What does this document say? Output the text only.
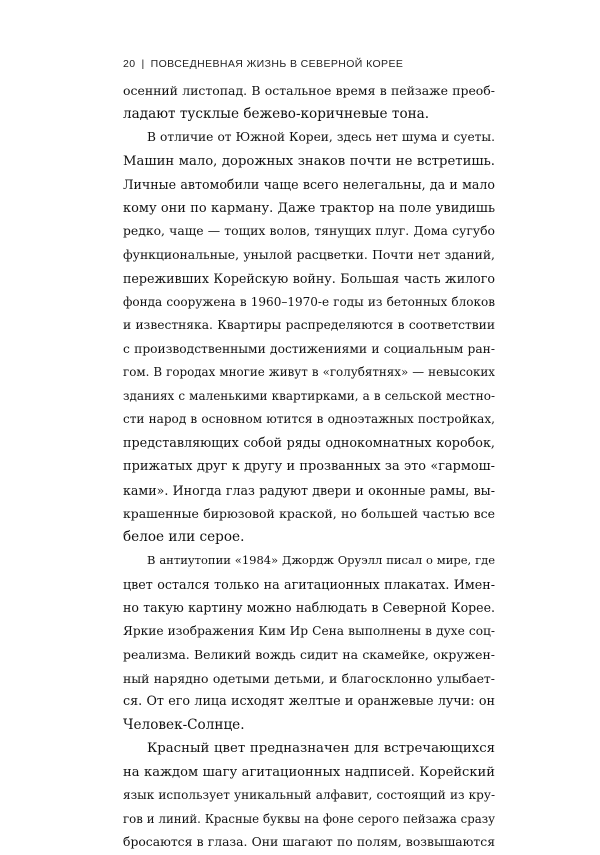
20 | ПОВСЕДНЕВНАЯ ЖИЗНЬ В СЕВЕРНОЙ КОРЕЕ
осенний листопад. В остальное время в пейзаже преоб-
ладают тусклые бежево-коричневые тона.
В отличие от Южной Кореи, здесь нет шума и суеты.
Машин мало, дорожных знаков почти не встретишь.
Личные автомобили чаще всего нелегальны, да и мало
кому они по карману. Даже трактор на поле увидишь
редко, чаще — тощих волов, тянущих плуг. Дома сугубо
функциональные, унылой расцветки. Почти нет зданий,
переживших Корейскую войну. Большая часть жилого
фонда сооружена в 1960–1970-е годы из бетонных блоков
и известняка. Квартиры распределяются в соответствии
с производственными достижениями и социальным ран-
гом. В городах многие живут в «голубятнях» — невысоких
зданиях с маленькими квартирками, а в сельской местно-
сти народ в основном ютится в одноэтажных постройках,
представляющих собой ряды однокомнатных коробок,
прижатых друг к другу и прозванных за это «гармош-
ками». Иногда глаз радуют двери и оконные рамы, вы-
крашенные бирюзовой краской, но большей частью все
белое или серое.
В антиутопии «1984» Джордж Оруэлл писал о мире, где
цвет остался только на агитационных плакатах. Имен-
но такую картину можно наблюдать в Северной Корее.
Яркие изображения Ким Ир Сена выполнены в духе соц-
реализма. Великий вождь сидит на скамейке, окружен-
ный нарядно одетыми детьми, и благосклонно улыбает-
ся. От его лица исходят желтые и оранжевые лучи: он
Человек-Солнце.
Красный цвет предназначен для встречающихся
на каждом шагу агитационных надписей. Корейский
язык использует уникальный алфавит, состоящий из кру-
гов и линий. Красные буквы на фоне серого пейзажа сразу
бросаются в глаза. Они шагают по полям, возвышаются
